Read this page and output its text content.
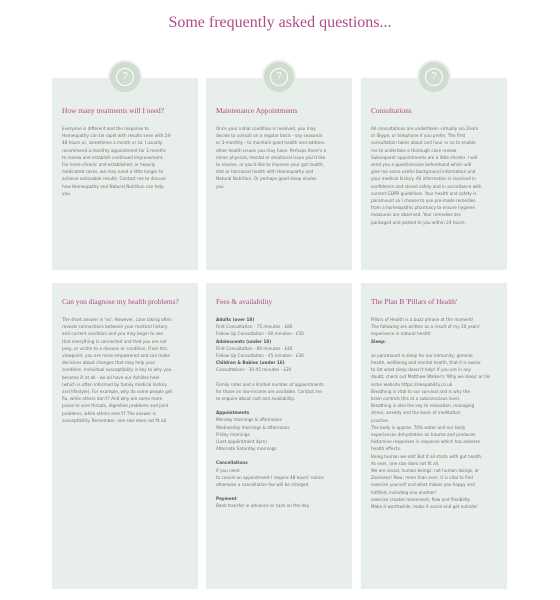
Some frequently asked questions...
?
How many treatments will I need?

Everyone is different and the response to

Homeopathy can be rapid with results seen with 24-

48 hours or, sometimes a month or so. I usually

recommend a monthly appointment for 3 months

to review and establish continued improvement.

For more chronic and established, or heavily

medicated cases, we may need a little longer to

achieve noticeable results. Contact me to discuss

how Homeopathy and Natural Nutrition can help

you.

?
Maintenance Appointments

Once your initial condition is resolved, you may

decide to consult on a regular basis - say seasonal

or 3-monthly - to maintain good health and address

other health issues you may have. Perhaps there's a

minor physical, mental or emotional issue you'd like

to resolve, or you'd like to improve your gut health,

diet or hormonal health with Homeopathy and

Natural Nutrition. Or perhaps good sleep eludes

you.

?
Consultations

All consultations are undertaken virtually via Zoom

or Skype, or telephone if you prefer. The first

consultation takes about and hour or so to enable

me to undertake a thorough case review.

Subsequent appointments are a little shorter. I will

send you a questionnaire beforehand which will

give me some useful background information and

your medical history. All information is received in

confidence and stored safely and in accordance with

current GDPR guidelines. Your health and safety is

paramount so I choose to use pre-made remedies

from a homeopathic pharmacy to ensure hygiene

measures are observed. Your remedies are

packaged and posted to you within 24 hours.

Can you diagnose my health problems?

The short answer is 'no'. However, case taking often

reveals connections between your medical history

and current condition and you may begin to see

that everything is connected and that you are not

prey, or victim to a disease or condition. From this

viewpoint, you are more empowered and can make

decisions about changes that may help your

condition. Individual susceptibility is key to why you

become ill at all - we all have our Achilles heel

(which is often informed by family medical history

and lifestyle). For example, why do some people get

flu, while others don't? And why are some more

prone to sore throats, digestive problems and joint

problems, while others aren't? The answer is

susceptibility. Remember, one size does not fit all.

Fees & availability

Adults (over 18)

First Consultation - 75 minutes - £80

Follow Up Consultation - 60 minutes - £50

Adolescents (under 18)

First Consultation - 60 minutes - £40

Follow Up Consultation - 45 minutes - £30

Children & Babies (under 16)

Consultations - 30-45 minutes - £20

Family rates and a limited number of appointments

for those on low-income are available. Contact me

to enquire about cost and availability.

Appointments

Monday mornings & afternoons

Wednesday mornings & afternoons

Friday mornings

(Last appointment 4pm)

Alternate Saturday mornings

Cancellations

If you need

to cancel an appointment I require 48 hours' notice

otherwise a cancellation fee will be charged.

Payment

Bank transfer in advance or cash on the day

The Plan B 'Pillars of Health'

Pillars of Health is a buzz phrase at the moment!

The following are written as a result of my 20 years'

experience in natural health:

Sleep:

so paramount is sleep for our immunity, general

health, wellbeing and mental health, that it is easier

to list what sleep doesn't help! If you are in any

doubt, check out Matthew Walker's 'Why we sleep' or his

sister website https://sleepability.co.uk

Breathing is vital to our survival and is why the

brain controls this at a subconscious level.

Breathing is also the key to relaxation, managing

stress, anxiety and the basis of meditation

practise.

The body is approx. 70% water and our body

experiences dehydration as trauma and produces

histamine responses in response which has adverse

health effects.

Being human we eat! But it all starts with gut health.

As ever, one size does not fit all.

We are social, human beings: not human doings, or

Zoomans! Now, more than ever, it is vital to find

exercise yourself and what makes you happy and

fulfilled, including one another!

exercise creates movement, flow and flexibility.

Make it worthwhile, make it social and get outside!
